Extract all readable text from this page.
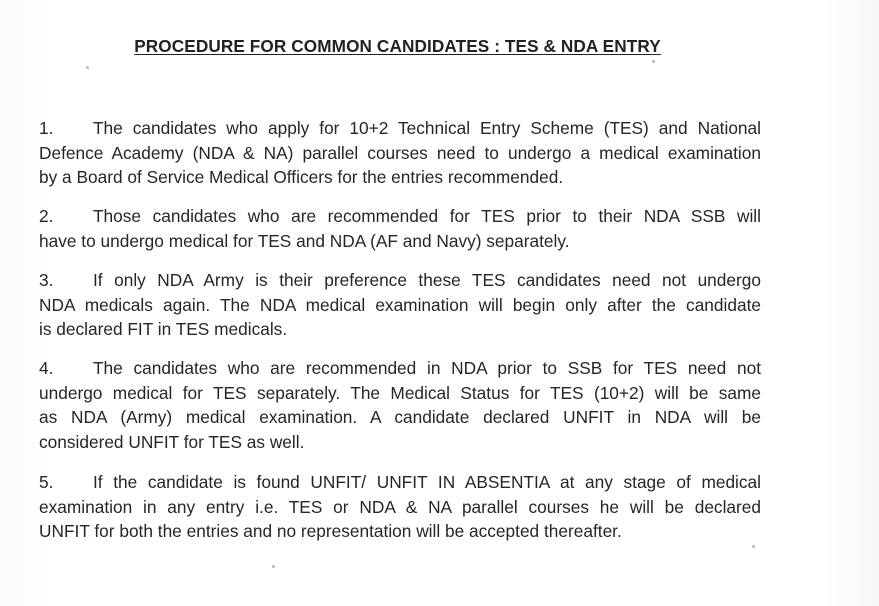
PROCEDURE FOR COMMON CANDIDATES : TES & NDA ENTRY
1. The candidates who apply for 10+2 Technical Entry Scheme (TES) and National
Defence Academy (NDA & NA) parallel courses need to undergo a medical examination
by a Board of Service Medical Officers for the entries recommended.
2. Those candidates who are recommended for TES prior to their NDA SSB will
have to undergo medical for TES and NDA (AF and Navy) separately.
3. If only NDA Army is their preference these TES candidates need not undergo
NDA medicals again. The NDA medical examination will begin only after the candidate
is declared FIT in TES medicals.
4. The candidates who are recommended in NDA prior to SSB for TES need not
undergo medical for TES separately. The Medical Status for TES (10+2) will be same
as NDA (Army) medical examination. A candidate declared UNFIT in NDA will be
considered UNFIT for TES as well.
5. If the candidate is found UNFIT/ UNFIT IN ABSENTIA at any stage of medical
examination in any entry i.e. TES or NDA & NA parallel courses he will be declared
UNFIT for both the entries and no representation will be accepted thereafter.
